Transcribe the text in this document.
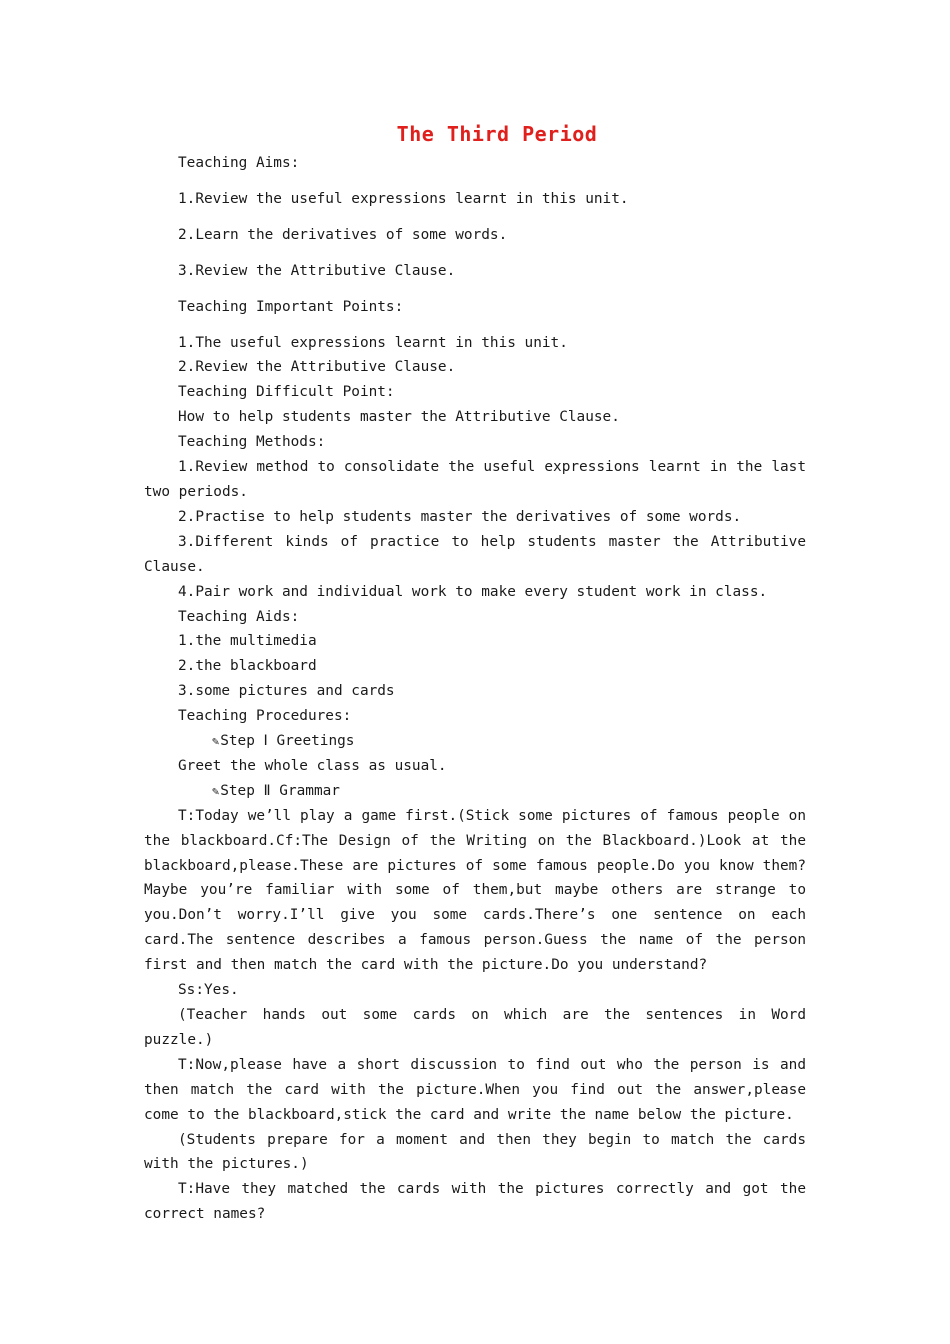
The Third Period

Teaching Aims:

1.Review the useful expressions learnt in this unit.

2.Learn the derivatives of some words.

3.Review the Attributive Clause.

Teaching Important Points:

1.The useful expressions learnt in this unit.

2.Review the Attributive Clause.

Teaching Difficult Point:

How to help students master the Attributive Clause.

Teaching Methods:

1.Review method to consolidate the useful expressions learnt in the last two periods.

2.Practise to help students master the derivatives of some words.

3.Different kinds of practice to help students master the Attributive Clause.

4.Pair work and individual work to make every student work in class.

Teaching Aids:

1.the multimedia

2.the blackboard

3.some pictures and cards

Teaching Procedures:

✎Step Ⅰ Greetings

Greet the whole class as usual.

✎Step Ⅱ Grammar

T:Today we’ll play a game first.(Stick some pictures of famous people on the blackboard.Cf:The Design of the Writing on the Blackboard.)Look at the blackboard,please.These are pictures of some famous people.Do you know them? Maybe you’re familiar with some of them,but maybe others are strange to you.Don’t worry.I’ll give you some cards.There’s one sentence on each card.The sentence describes a famous person.Guess the name of the person first and then match the card with the picture.Do you understand?

Ss:Yes.

(Teacher hands out some cards on which are the sentences in Word puzzle.)

T:Now,please have a short discussion to find out who the person is and then match the card with the picture.When you find out the answer,please come to the blackboard,stick the card and write the name below the picture.

(Students prepare for a moment and then they begin to match the cards with the pictures.)

T:Have they matched the cards with the pictures correctly and got the correct names?
